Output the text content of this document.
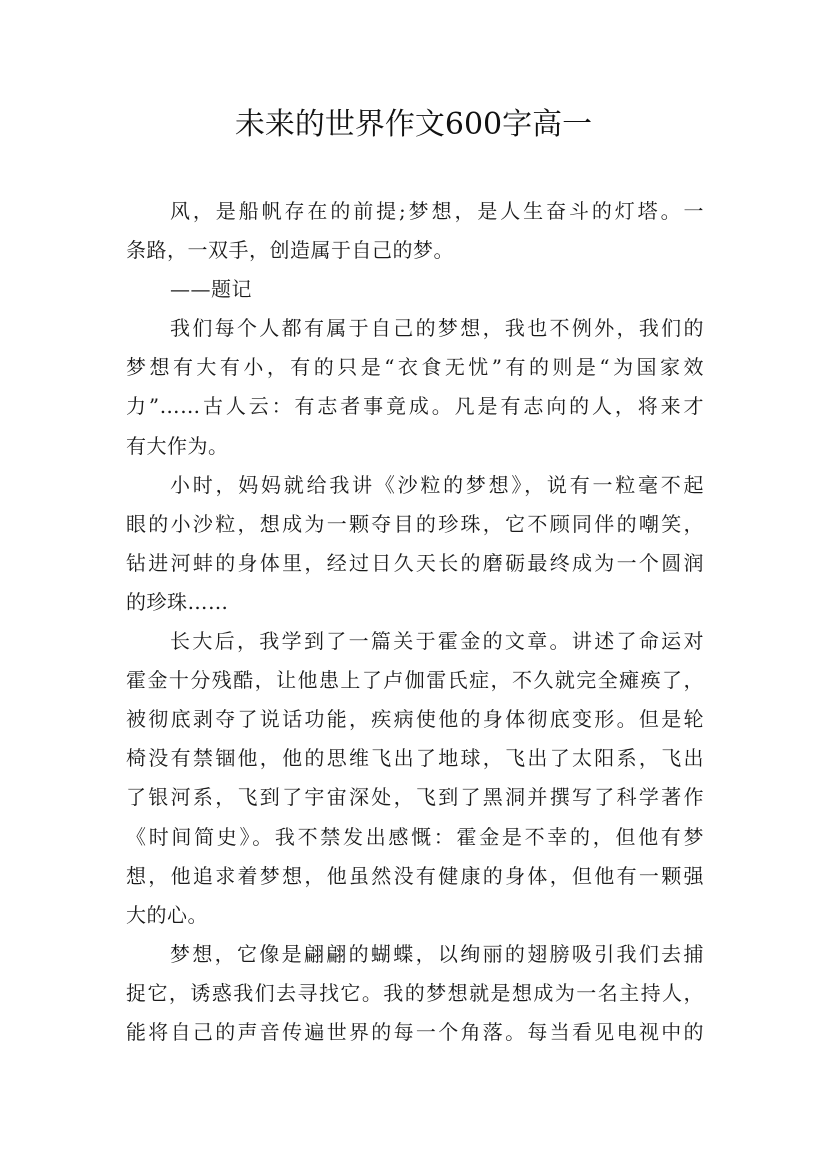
未来的世界作文600字高一
风，是船帆存在的前提;梦想，是人生奋斗的灯塔。一
条路，一双手，创造属于自己的梦。
——题记
我们每个人都有属于自己的梦想，我也不例外，我们的
梦想有大有小，有的只是“衣食无忧”有的则是“为国家效
力”……古人云：有志者事竟成。凡是有志向的人，将来才
有大作为。
小时，妈妈就给我讲《沙粒的梦想》，说有一粒毫不起
眼的小沙粒，想成为一颗夺目的珍珠，它不顾同伴的嘲笑，
钻进河蚌的身体里，经过日久天长的磨砺最终成为一个圆润
的珍珠……
长大后，我学到了一篇关于霍金的文章。讲述了命运对
霍金十分残酷，让他患上了卢伽雷氏症，不久就完全瘫痪了，
被彻底剥夺了说话功能，疾病使他的身体彻底变形。但是轮
椅没有禁锢他，他的思维飞出了地球，飞出了太阳系，飞出
了银河系，飞到了宇宙深处，飞到了黑洞并撰写了科学著作
《时间简史》。我不禁发出感慨：霍金是不幸的，但他有梦
想，他追求着梦想，他虽然没有健康的身体，但他有一颗强
大的心。
梦想，它像是翩翩的蝴蝶，以绚丽的翅膀吸引我们去捕
捉它，诱惑我们去寻找它。我的梦想就是想成为一名主持人，
能将自己的声音传遍世界的每一个角落。每当看见电视中的
